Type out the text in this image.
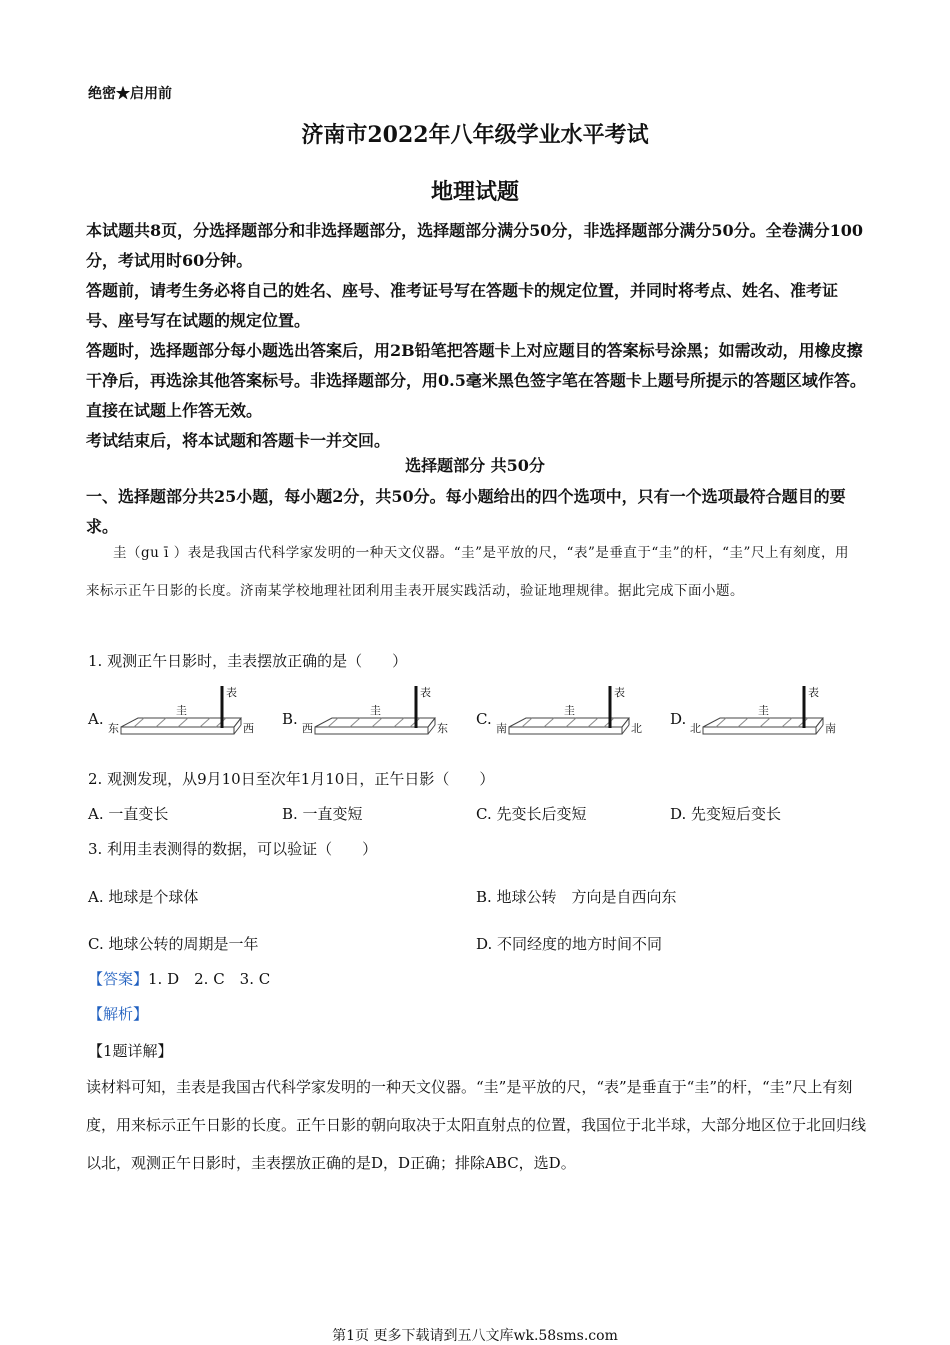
绝密★启用前
济南市2022年八年级学业水平考试
地理试题

本试题共8页，分选择题部分和非选择题部分，选择题部分满分50分，非选择题部分满分50分。全卷满分100分，考试用时60分钟。

答题前，请考生务必将自己的姓名、座号、准考证号写在答题卡的规定位置，并同时将考点、姓名、准考证号、座号写在试题的规定位置。

答题时，选择题部分每小题选出答案后，用2B铅笔把答题卡上对应题目的答案标号涂黑；如需改动，用橡皮擦干净后，再选涂其他答案标号。非选择题部分，用0.5毫米黑色签字笔在答题卡上题号所提示的答题区域作答。直接在试题上作答无效。

考试结束后，将本试题和答题卡一并交回。

选择题部分 共50分
一、选择题部分共25小题，每小题2分，共50分。每小题给出的四个选项中，只有一个选项最符合题目的要求。
圭（gu ī ）表是我国古代科学家发明的一种天文仪器。“圭”是平放的尺，“表”是垂直于“圭”的杆，“圭”尺上有刻度，用来标示正午日影的长度。济南某学校地理社团利用圭表开展实践活动，验证地理规律。据此完成下面小题。
1. 观测正午日影时，圭表摆放正确的是（　　）
A.
东
圭
表
西
B.
西
圭
表
东
C.
南
圭
表
北
D.
北
圭
表
南
2. 观测发现，从9月10日至次年1月10日，正午日影（　　）
A. 一直变长	B. 一直变短	C. 先变长后变短	D. 先变短后变长
3. 利用圭表测得的数据，可以验证（　　）
A. 地球是个球体	B. 地球公转　方向是自西向东
C. 地球公转的周期是一年	D. 不同经度的地方时间不同
【答案】1. D　2. C　3. C
【解析】
【1题详解】
读材料可知，圭表是我国古代科学家发明的一种天文仪器。“圭”是平放的尺，“表”是垂直于“圭”的杆，“圭”尺上有刻度，用来标示正午日影的长度。正午日影的朝向取决于太阳直射点的位置，我国位于北半球，大部分地区位于北回归线以北，观测正午日影时，圭表摆放正确的是D，D正确；排除ABC，选D。
第1页 更多下载请到五八文库wk.58sms.com
